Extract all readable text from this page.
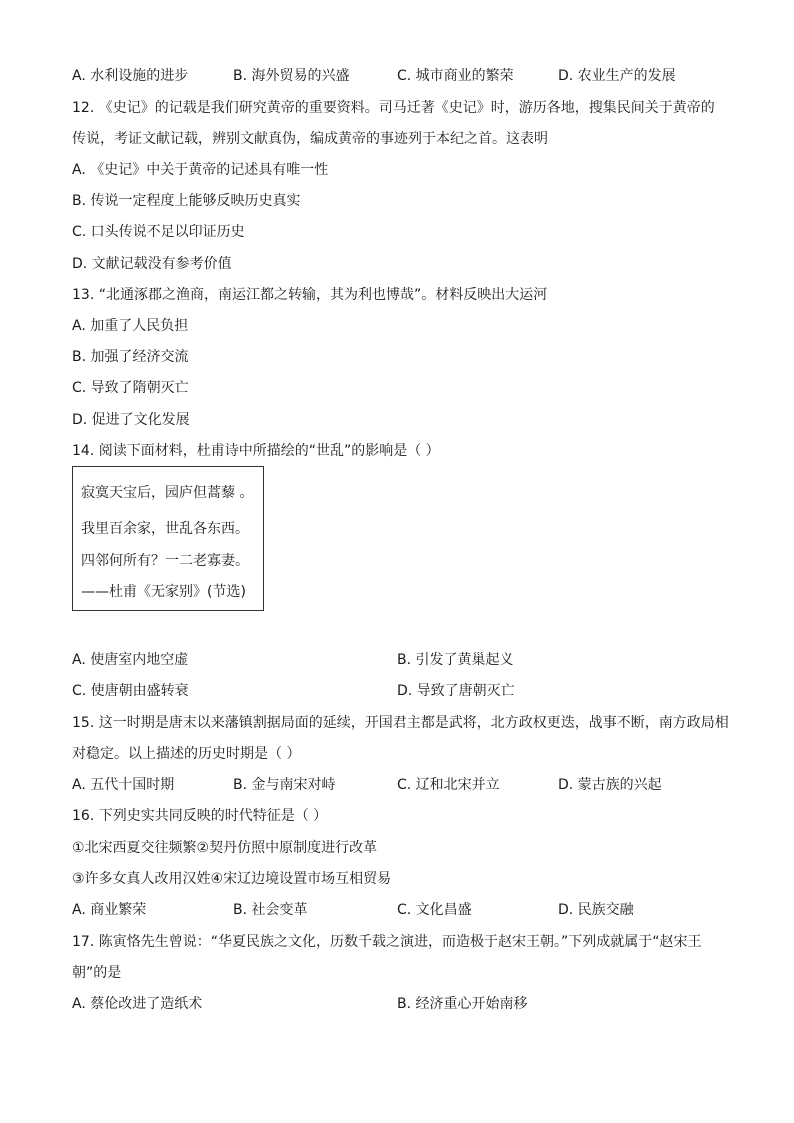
A. 水利设施的进步	B. 海外贸易的兴盛	C. 城市商业的繁荣	D. 农业生产的发展
12. 《史记》的记载是我们研究黄帝的重要资料。司马迁著《史记》时，游历各地，搜集民间关于黄帝的
传说，考证文献记载，辨别文献真伪，编成黄帝的事迹列于本纪之首。这表明
A. 《史记》中关于黄帝的记述具有唯一性
B. 传说一定程度上能够反映历史真实
C. 口头传说不足以印证历史
D. 文献记载没有参考价值
13. “北通涿郡之渔商，南运江都之转输，其为利也博哉”。材料反映出大运河
A. 加重了人民负担
B. 加强了经济交流
C. 导致了隋朝灭亡
D. 促进了文化发展
14. 阅读下面材料，杜甫诗中所描绘的“世乱”的影响是（ ）
寂寞天宝后，园庐但蒿藜 。
我里百余家，世乱各东西。
四邻何所有？一二老寡妻。
——杜甫《无家别》(节选)
A. 使唐室内地空虚	B. 引发了黄巢起义
C. 使唐朝由盛转衰	D. 导致了唐朝灭亡
15. 这一时期是唐末以来藩镇割据局面的延续，开国君主都是武将，北方政权更迭，战事不断，南方政局相
对稳定。以上描述的历史时期是（ ）
A. 五代十国时期	B. 金与南宋对峙	C. 辽和北宋并立	D. 蒙古族的兴起
16. 下列史实共同反映的时代特征是（ ）
①北宋西夏交往频繁②契丹仿照中原制度进行改革
③许多女真人改用汉姓④宋辽边境设置市场互相贸易
A. 商业繁荣	B. 社会变革	C. 文化昌盛	D. 民族交融
17. 陈寅恪先生曾说：“华夏民族之文化，历数千载之演进，而造极于赵宋王朝。”下列成就属于“赵宋王
朝”的是
A. 蔡伦改进了造纸术	B. 经济重心开始南移
